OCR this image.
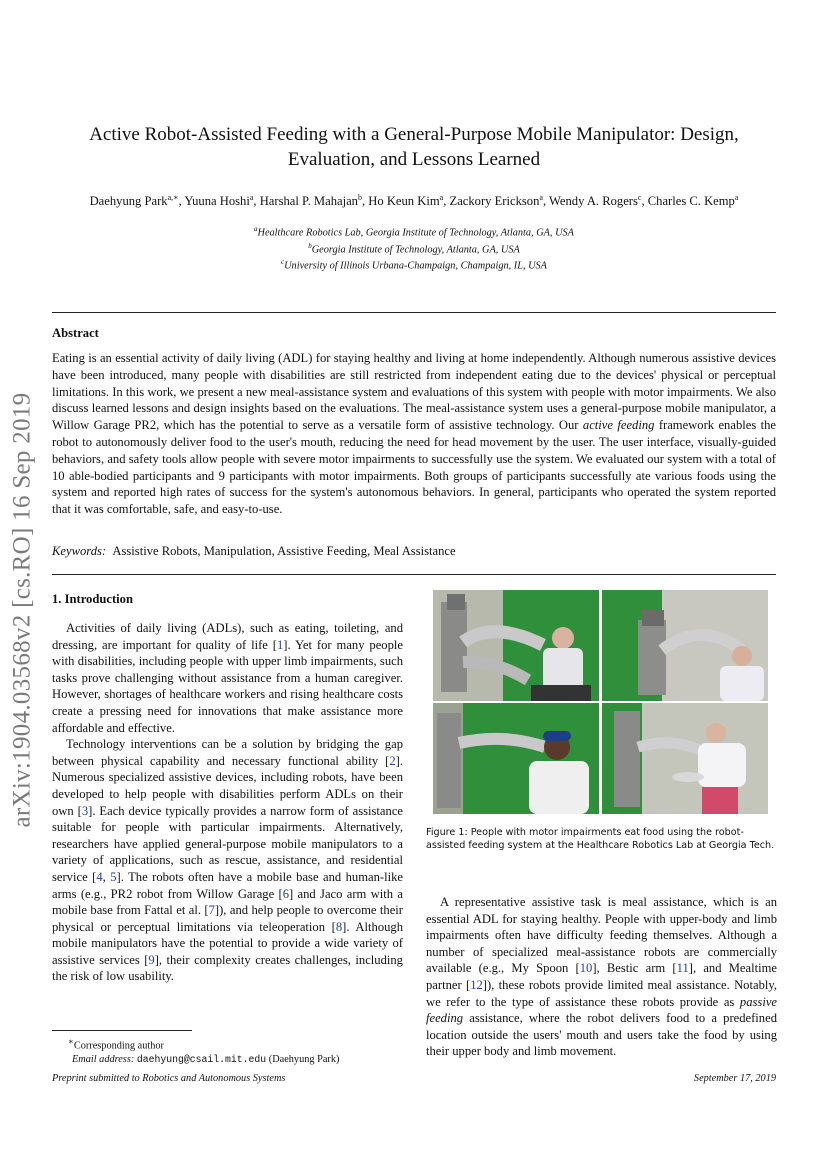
Active Robot-Assisted Feeding with a General-Purpose Mobile Manipulator: Design, Evaluation, and Lessons Learned
Daehyung Park$^{a,∗}$, Yuuna Hoshi$^a$, Harshal P. Mahajan$^b$, Ho Keun Kim$^a$, Zackory Erickson$^a$, Wendy A. Rogers$^c$, Charles C. Kemp$^a$
$^a$Healthcare Robotics Lab, Georgia Institute of Technology, Atlanta, GA, USA
$^b$Georgia Institute of Technology, Atlanta, GA, USA
$^c$University of Illinois Urbana-Champaign, Champaign, IL, USA
Abstract
Eating is an essential activity of daily living (ADL) for staying healthy and living at home independently. Although numerous assistive devices have been introduced, many people with disabilities are still restricted from independent eating due to the devices' physical or perceptual limitations. In this work, we present a new meal-assistance system and evaluations of this system with people with motor impairments. We also discuss learned lessons and design insights based on the evaluations. The meal-assistance system uses a general-purpose mobile manipulator, a Willow Garage PR2, which has the potential to serve as a versatile form of assistive technology. Our active feeding framework enables the robot to autonomously deliver food to the user's mouth, reducing the need for head movement by the user. The user interface, visually-guided behaviors, and safety tools allow people with severe motor impairments to successfully use the system. We evaluated our system with a total of 10 able-bodied participants and 9 participants with motor impairments. Both groups of participants successfully ate various foods using the system and reported high rates of success for the system's autonomous behaviors. In general, participants who operated the system reported that it was comfortable, safe, and easy-to-use.
Keywords: Assistive Robots, Manipulation, Assistive Feeding, Meal Assistance
arXiv:1904.03568v2 [cs.RO] 16 Sep 2019 1. Introduction

Activities of daily living (ADLs), such as eating, toileting, and dressing, are important for quality of life [1]. Yet for many people with disabilities, including people with upper limb impairments, such tasks prove challenging without assistance from a human caregiver. However, shortages of healthcare workers and rising healthcare costs create a pressing need for innovations that make assistance more affordable and effective.

Technology interventions can be a solution by bridging the gap between physical capability and necessary functional ability [2]. Numerous specialized assistive devices, including robots, have been developed to help people with disabilities perform ADLs on their own [3]. Each device typically provides a narrow form of assistance suitable for people with particular impairments. Alternatively, researchers have applied general-purpose mobile manipulators to a variety of applications, such as rescue, assistance, and residential service [4, 5]. The robots often have a mobile base and human-like arms (e.g., PR2 robot from Willow Garage [6] and Jaco arm with a mobile base from Fattal et al. [7]), and help people to overcome their physical or perceptual limitations via teleoperation [8]. Although mobile manipulators have the potential to provide a wide variety of assistive services [9], their complexity creates challenges, including the risk of low usability.

Figure 1: People with motor impairments eat food using the robot-assisted feeding system at the Healthcare Robotics Lab at Georgia Tech.

A representative assistive task is meal assistance, which is an essential ADL for staying healthy. People with upper-body and limb impairments often have difficulty feeding themselves. Although a number of specialized meal-assistance robots are commercially available (e.g., My Spoon [10], Bestic arm [11], and Mealtime partner [12]), these robots provide limited meal assistance. Notably, we refer to the type of assistance these robots provide as passive feeding assistance, where the robot delivers food to a predefined location outside the users' mouth and users take the food by using their upper body and limb movement.

∗Corresponding author
Email address: daehyung@csail.mit.edu (Daehyung Park)
Preprint submitted to Robotics and Autonomous Systems	September 17, 2019
